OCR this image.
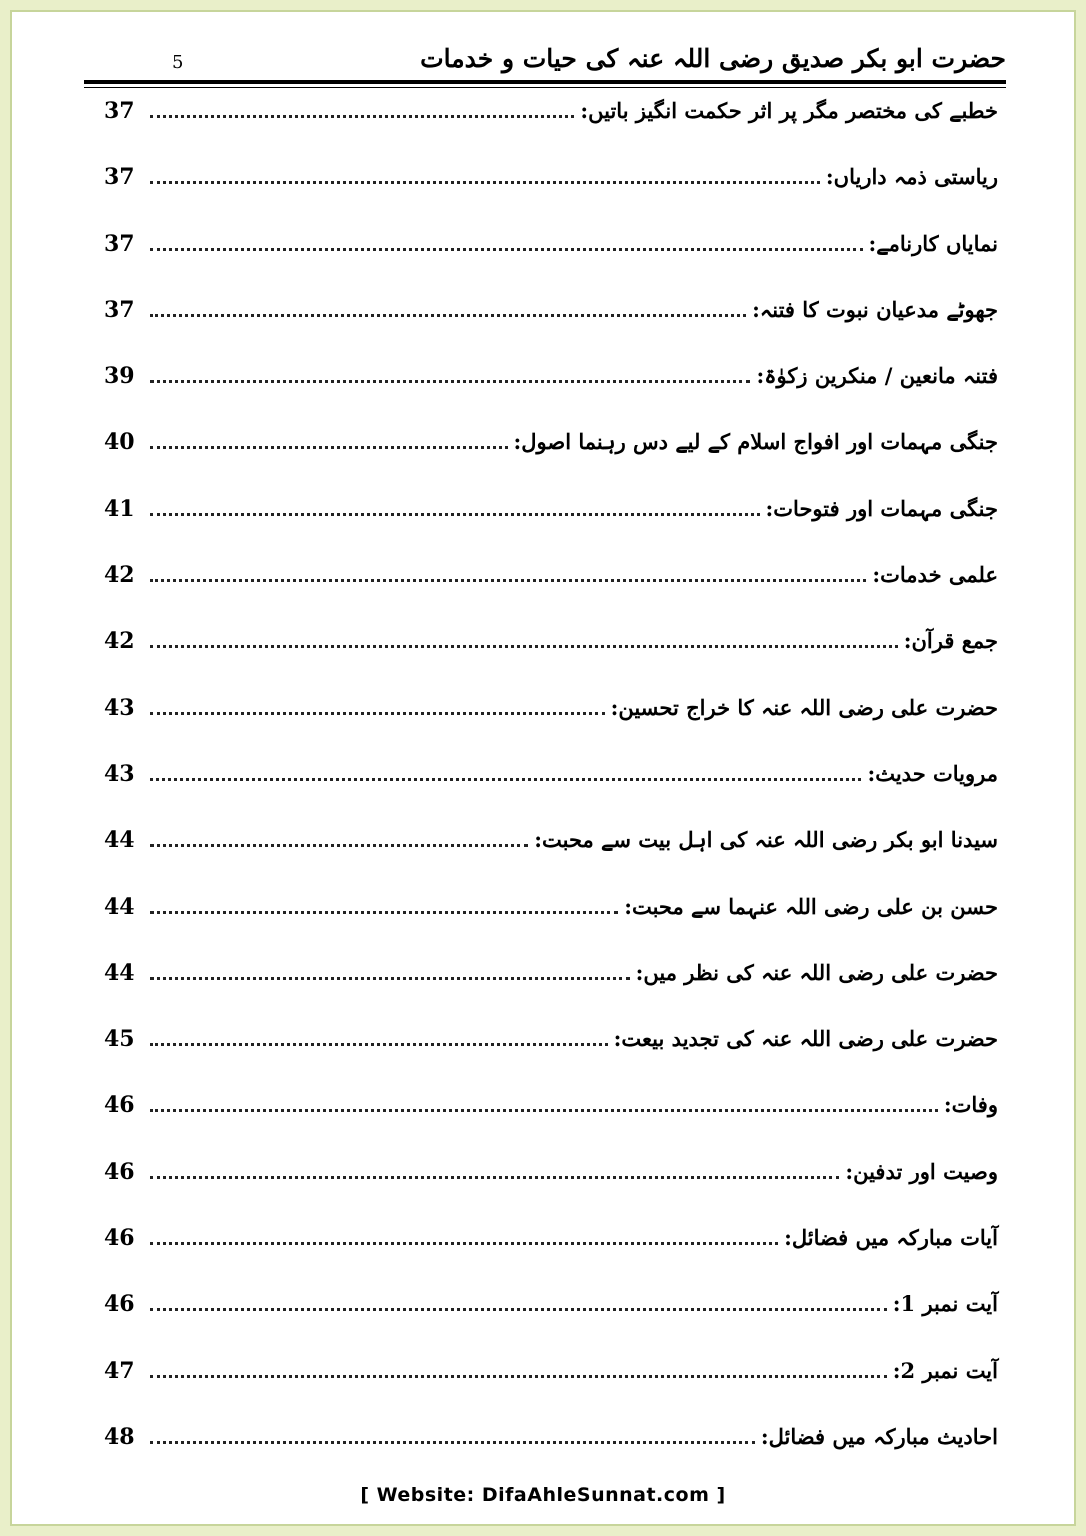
5	حضرت ابو بکر صدیق رضی اللہ عنہ کی حیات و خدمات
37	خطبے کی مختصر مگر پر اثر حکمت انگیز باتیں:
37	ریاستی ذمہ داریاں:
37	نمایاں کارنامے:
37	جھوٹے مدعیان نبوت کا فتنہ:
39	فتنہ مانعین / منکرین زکوٰۃ:
40	جنگی مہمات اور افواج اسلام کے لیے دس رہنما اصول:
41	جنگی مہمات اور فتوحات:
42	علمی خدمات:
42	جمع قرآن:
43	حضرت علی رضی اللہ عنہ کا خراج تحسین:
43	مرویات حدیث:
44	سیدنا ابو بکر رضی اللہ عنہ کی اہل بیت سے محبت:
44	حسن بن علی رضی اللہ عنہما سے محبت:
44	حضرت علی رضی اللہ عنہ کی نظر میں:
45	حضرت علی رضی اللہ عنہ کی تجدید بیعت:
46	وفات:
46	وصیت اور تدفین:
46	آیات مبارکہ میں فضائل:
46	آیت نمبر 1:
47	آیت نمبر 2:
48	احادیث مبارکہ میں فضائل:
[ Website: DifaAhleSunnat.com ]
